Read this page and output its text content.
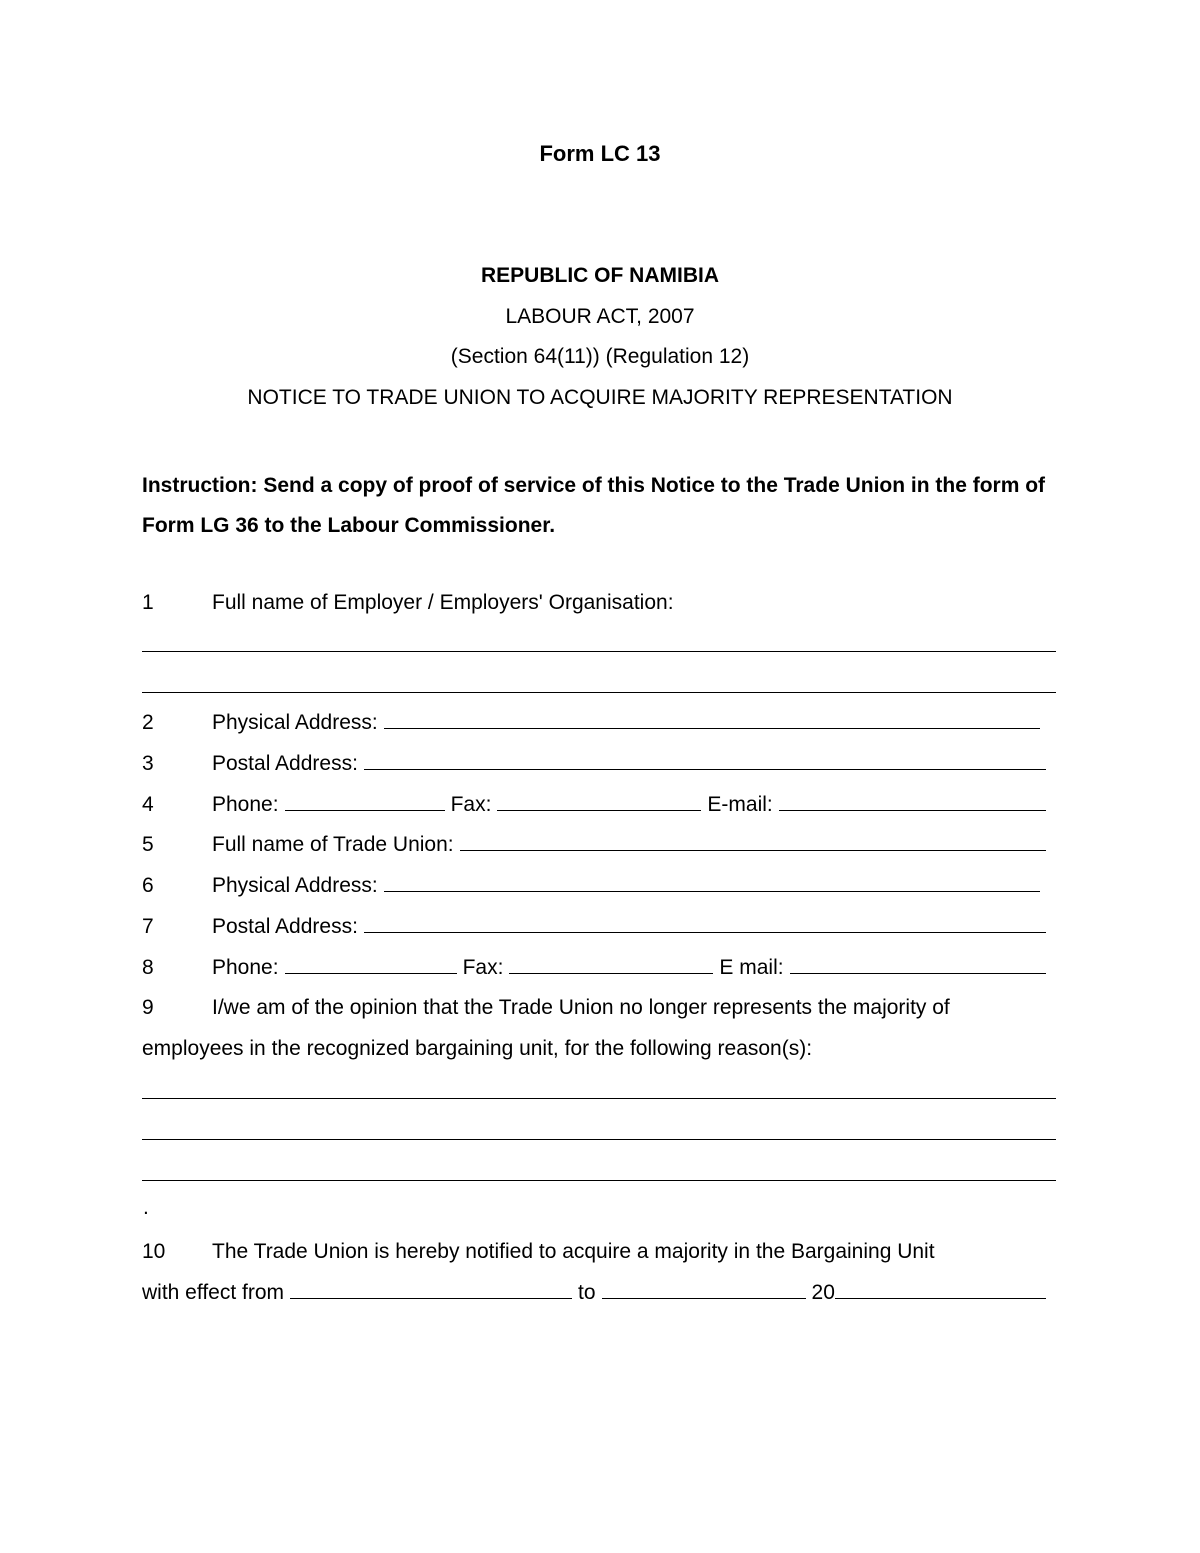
Form LC 13
REPUBLIC OF NAMIBIA
LABOUR ACT, 2007
(Section 64(11)) (Regulation 12)
NOTICE TO TRADE UNION TO ACQUIRE MAJORITY REPRESENTATION
Instruction: Send a copy of proof of service of this Notice to the Trade Union in the form of Form LG 36 to the Labour Commissioner.
1	Full name of Employer / Employers' Organisation:
2	Physical Address:
3	Postal Address:
4	Phone:	Fax:	E-mail:
5	Full name of Trade Union:
6	Physical Address:
7	Postal Address:
8	Phone:	Fax:	E mail:
9	I/we am of the opinion that the Trade Union no longer represents the majority of
employees in the recognized bargaining unit, for the following reason(s):
.
10 The Trade Union is hereby notified to acquire a majority in the Bargaining Unit
with effect from	to	20
